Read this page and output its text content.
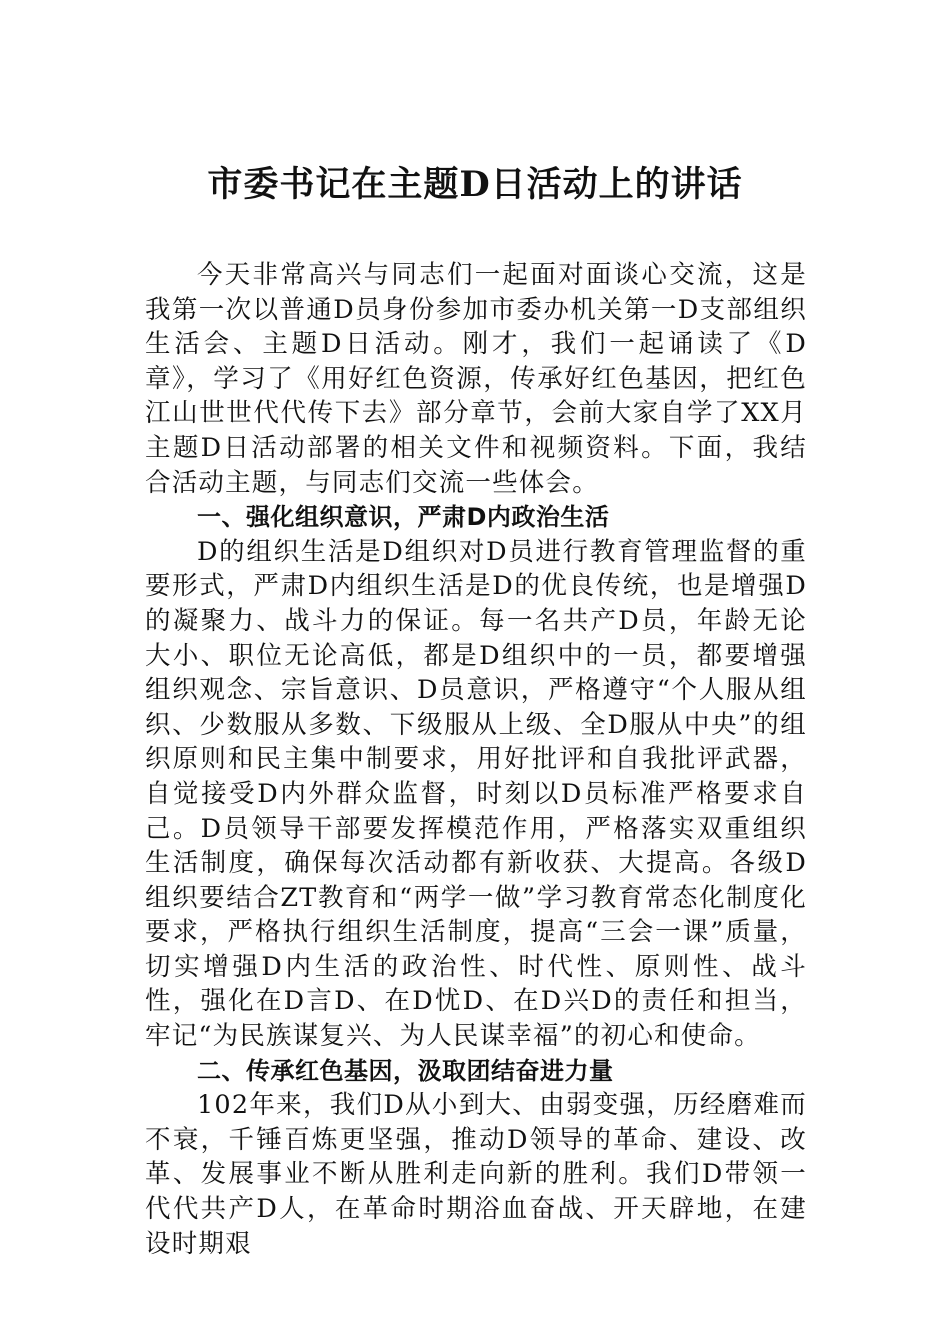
市委书记在主题D日活动上的讲话

今天非常高兴与同志们一起面对面谈心交流，这是我第一次以普通D员身份参加市委办机关第一D支部组织生活会、主题D日活动。刚才，我们一起诵读了《D章》，学习了《用好红色资源，传承好红色基因，把红色江山世世代代传下去》部分章节，会前大家自学了XX月主题D日活动部署的相关文件和视频资料。下面，我结合活动主题，与同志们交流一些体会。

一、强化组织意识，严肃D内政治生活

D的组织生活是D组织对D员进行教育管理监督的重要形式，严肃D内组织生活是D的优良传统，也是增强D的凝聚力、战斗力的保证。每一名共产D员，年龄无论大小、职位无论高低，都是D组织中的一员，都要增强组织观念、宗旨意识、D员意识，严格遵守“个人服从组织、少数服从多数、下级服从上级、全D服从中央”的组织原则和民主集中制要求，用好批评和自我批评武器，自觉接受D内外群众监督，时刻以D员标准严格要求自己。D员领导干部要发挥模范作用，严格落实双重组织生活制度，确保每次活动都有新收获、大提高。各级D组织要结合ZT教育和“两学一做”学习教育常态化制度化要求，严格执行组织生活制度，提高“三会一课”质量，切实增强D内生活的政治性、时代性、原则性、战斗性，强化在D言D、在D忧D、在D兴D的责任和担当，牢记“为民族谋复兴、为人民谋幸福”的初心和使命。

二、传承红色基因，汲取团结奋进力量

102年来，我们D从小到大、由弱变强，历经磨难而不衰，千锤百炼更坚强，推动D领导的革命、建设、改革、发展事业不断从胜利走向新的胜利。我们D带领一代代共产D人，在革命时期浴血奋战、开天辟地，在建设时期艰
